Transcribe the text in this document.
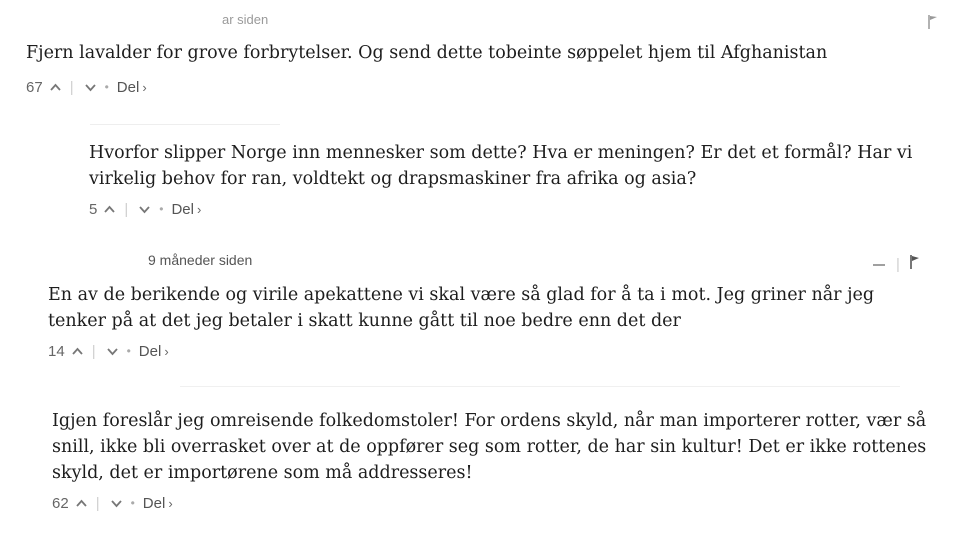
ar siden

Fjern lavalder for grove forbrytelser. Og send dette tobeinte søppelet hjem til Afghanistan

67 |	• Del ›

Hvorfor slipper Norge inn mennesker som dette? Hva er meningen? Er det et formål? Har vi virkelig behov for ran, voldtekt og drapsmaskiner fra afrika og asia?

5 |	• Del ›
9 måneder siden

En av de berikende og virile apekattene vi skal være så glad for å ta i mot. Jeg griner når jeg tenker på at det jeg betaler i skatt kunne gått til noe bedre enn det der

14 |	• Del ›
|

Igjen foreslår jeg omreisende folkedomstoler! For ordens skyld, når man importerer rotter, vær så snill, ikke bli overrasket over at de oppfører seg som rotter, de har sin kultur! Det er ikke rottenes skyld, det er importørene som må addresseres!

62 |	• Del ›
